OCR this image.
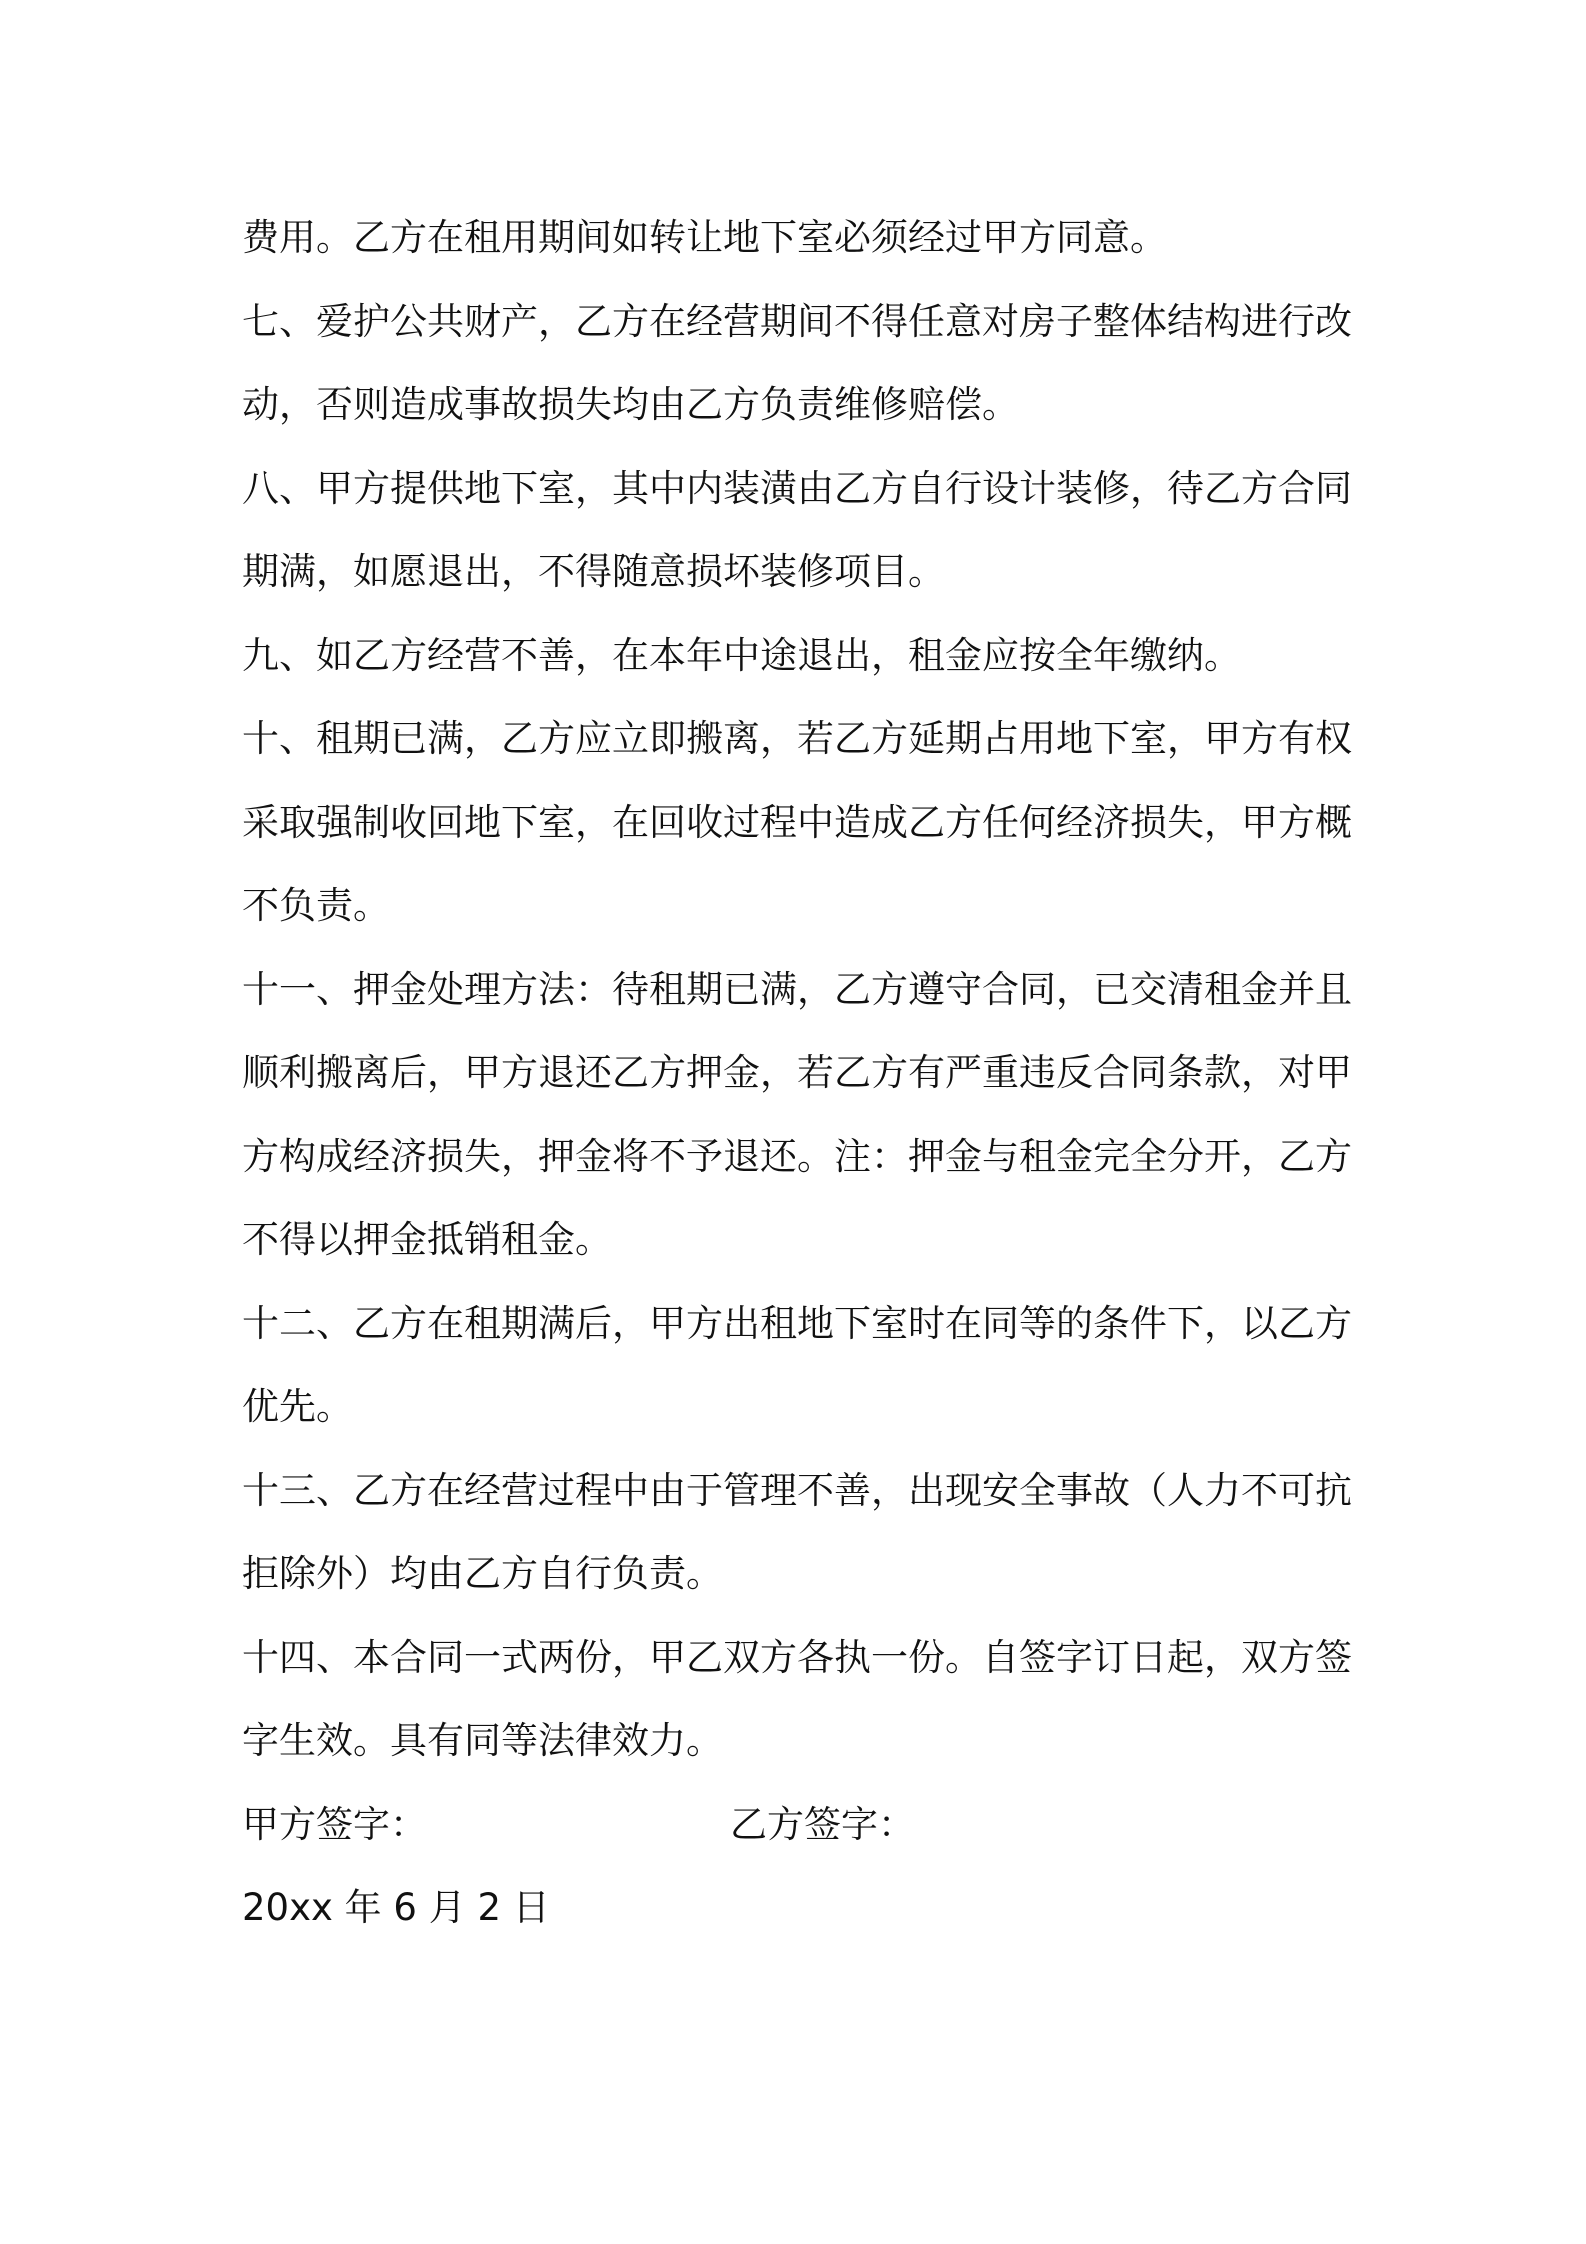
费用。乙方在租用期间如转让地下室必须经过甲方同意。

七、爱护公共财产，乙方在经营期间不得任意对房子整体结构进行改动，否则造成事故损失均由乙方负责维修赔偿。

八、甲方提供地下室，其中内装潢由乙方自行设计装修，待乙方合同期满，如愿退出，不得随意损坏装修项目。

九、如乙方经营不善，在本年中途退出，租金应按全年缴纳。

十、租期已满，乙方应立即搬离，若乙方延期占用地下室，甲方有权采取强制收回地下室，在回收过程中造成乙方任何经济损失，甲方概不负责。

十一、押金处理方法：待租期已满，乙方遵守合同，已交清租金并且顺利搬离后，甲方退还乙方押金，若乙方有严重违反合同条款，对甲方构成经济损失，押金将不予退还。注：押金与租金完全分开，乙方不得以押金抵销租金。

十二、乙方在租期满后，甲方出租地下室时在同等的条件下，以乙方优先。

十三、乙方在经营过程中由于管理不善，出现安全事故（人力不可抗拒除外）均由乙方自行负责。

十四、本合同一式两份，甲乙双方各执一份。自签字订日起，双方签字生效。具有同等法律效力。

甲方签字：	乙方签字：

20xx 年 6 月 2 日
